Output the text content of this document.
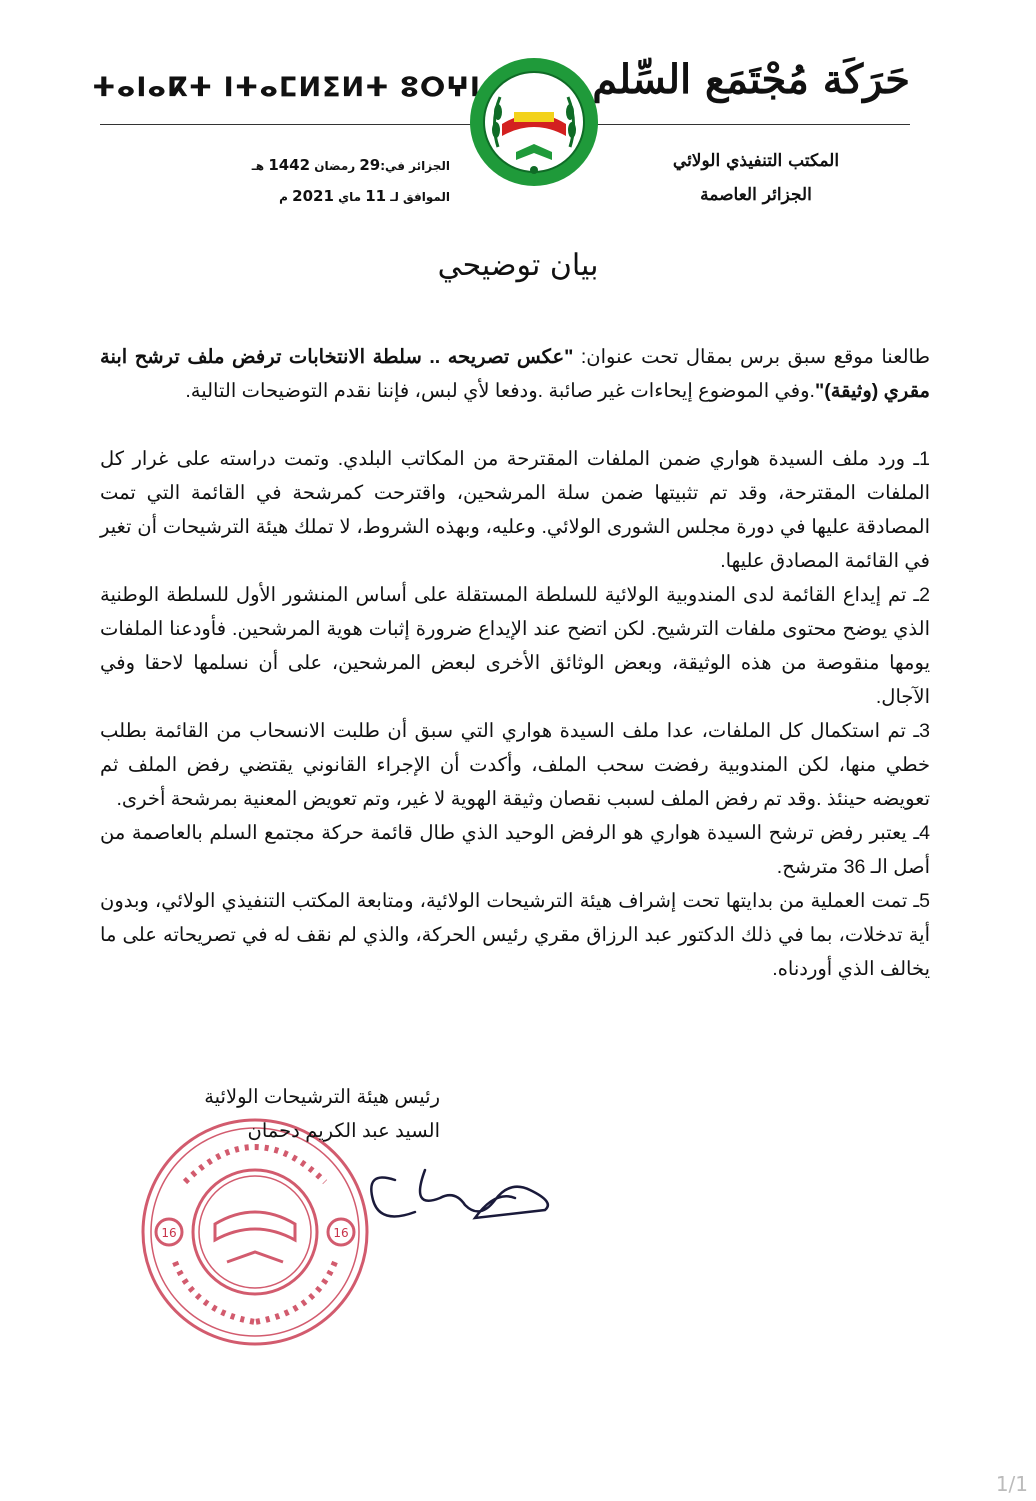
ⵜⴰⵏⴰⴽⵜ ⵏⵜⴰⵎⵍⵉⵍⵜ ⵓⵔⵖⵏ	حَرَكَة مُجْتَمَع السِّلم
الجزائر في:29 رمضان 1442 هـ
الموافق لـ 11 ماي 2021 م
المكتب التنفيذي الولائي
الجزائر العاصمة
بيان توضيحي

طالعنا موقع سبق برس بمقال تحت عنوان: "عكس تصريحه .. سلطة الانتخابات ترفض ملف ترشح ابنة مقري (وثيقة)".وفي الموضوع إيحاءات غير صائبة .ودفعا لأي لبس، فإننا نقدم التوضيحات التالية.

1ـ ورد ملف السيدة هواري ضمن الملفات المقترحة من المكاتب البلدي. وتمت دراسته على غرار كل الملفات المقترحة، وقد تم تثبيتها ضمن سلة المرشحين، واقترحت كمرشحة في القائمة التي تمت المصادقة عليها في دورة مجلس الشورى الولائي. وعليه، وبهذه الشروط، لا تملك هيئة الترشيحات أن تغير في القائمة المصادق عليها.

2ـ تم إيداع القائمة لدى المندوبية الولائية للسلطة المستقلة على أساس المنشور الأول للسلطة الوطنية الذي يوضح محتوى ملفات الترشيح. لكن اتضح عند الإيداع ضرورة إثبات هوية المرشحين. فأودعنا الملفات يومها منقوصة من هذه الوثيقة، وبعض الوثائق الأخرى لبعض المرشحين، على أن نسلمها لاحقا وفي الآجال.

3ـ تم استكمال كل الملفات، عدا ملف السيدة هواري التي سبق أن طلبت الانسحاب من القائمة بطلب خطي منها، لكن المندوبية رفضت سحب الملف، وأكدت أن الإجراء القانوني يقتضي رفض الملف ثم تعويضه حينئذ .وقد تم رفض الملف لسبب نقصان وثيقة الهوية لا غير، وتم تعويض المعنية بمرشحة أخرى.

4ـ يعتبر رفض ترشح السيدة هواري هو الرفض الوحيد الذي طال قائمة حركة مجتمع السلم بالعاصمة من أصل الـ 36 مترشح.

5ـ تمت العملية من بدايتها تحت إشراف هيئة الترشيحات الولائية، ومتابعة المكتب التنفيذي الولائي، وبدون أية تدخلات، بما في ذلك الدكتور عبد الرزاق مقري رئيس الحركة، والذي لم نقف له في تصريحاته على ما يخالف الذي أوردناه.

16	16
رئيس هيئة الترشيحات الولائية
السيد عبد الكريم دحمان
1/1
